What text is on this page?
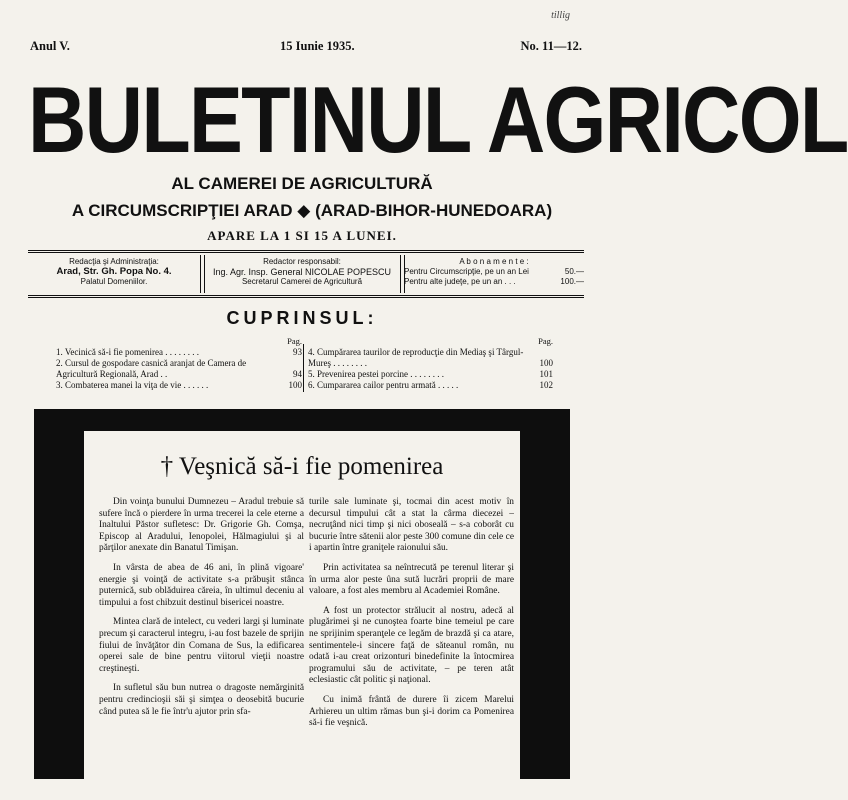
tillig
Anul V.	15 Iunie 1935.	No. 11—12.
BULETINUL AGRICOL
AL CAMEREI DE AGRICULTURĂ
A CIRCUMSCRIPŢIEI ARAD ◆ (ARAD-BIHOR-HUNEDOARA)
APARE LA 1 SI 15 A LUNEI.
Redacţia şi Administraţia:
Arad, Str. Gh. Popa No. 4.
Palatul Domeniilor.
Redactor responsabil:
Ing. Agr. Insp. General NICOLAE POPESCU
Secretarul Camerei de Agricultură
A b o n a m e n t e :
Pentru Circumscripţie, pe un an Lei	50.—
Pentru alte judeţe, pe un an . . .	100.—
CUPRINSUL:
Pag.
1. Vecinică să-i fie pomenirea . . . . . . . .	93
2. Cursul de gospodare casnică aranjat de Camera de Agricultură Regională, Arad . .	94
3. Combaterea manei la viţa de vie . . . . . .	100
Pag.
4. Cumpărarea taurilor de reproducţie din Mediaş şi Târgul-Mureş . . . . . . . .	100
5. Prevenirea pestei porcine . . . . . . . .	101
6. Cumpararea cailor pentru armată . . . . .	102
† Veşnică să-i fie pomenirea

Din voinţa bunului Dumnezeu – Aradul trebuie să sufere încă o pierdere în urma trecerei la cele eterne a Inaltului Păstor sufletesc: Dr. Grigorie Gh. Comşa, Episcop al Aradului, Ienopolei, Hălmagiului şi al părţilor anexate din Banatul Timişan.

In vârsta de abea de 46 ani, în plină vigoare' energie şi voinţă de activitate s-a prăbuşit stânca puternică, sub oblăduirea căreia, în ultimul deceniu al timpului a fost chibzuit destinul bisericei noastre.

Mintea clară de intelect, cu vederi largi şi luminate precum şi caracterul integru, i-au fost bazele de sprijin fiului de învăţător din Comana de Sus, la edificarea operei sale de bine pentru viitorul vieţii noastre creştineşti.

In sufletul său bun nutrea o dragoste nemărginită pentru credincioşii săi şi simţea o deosebită bucurie când putea să le fie într'u ajutor prin sfa-

turile sale luminate şi, tocmai din acest motiv în decursul timpului cât a stat la cârma diecezei – necruţând nici timp şi nici oboseală – s-a coborât cu bucurie între sătenii alor peste 300 comune din cele ce i apartin între graniţele raionului său.

Prin activitatea sa neîntrecută pe terenul literar şi în urma alor peste ûna sută lucrări proprii de mare valoare, a fost ales membru al Academiei Române.

A fost un protector strălucit al nostru, adecă al plugărimei şi ne cunoştea foarte bine temeiul pe care ne sprijinim speranţele ce legăm de brazdă şi ca atare, sentimentele-i sincere faţă de săteanul român, nu odată i-au creat orizonturi binedefinite la întocmirea programului său de activitate, – pe teren atât eclesiastic cât politic şi naţional.

Cu inimă frântă de durere îi zicem Marelui Arhiereu un ultim rămas bun şi-i dorim ca Pomenirea să-i fie veşnică.
